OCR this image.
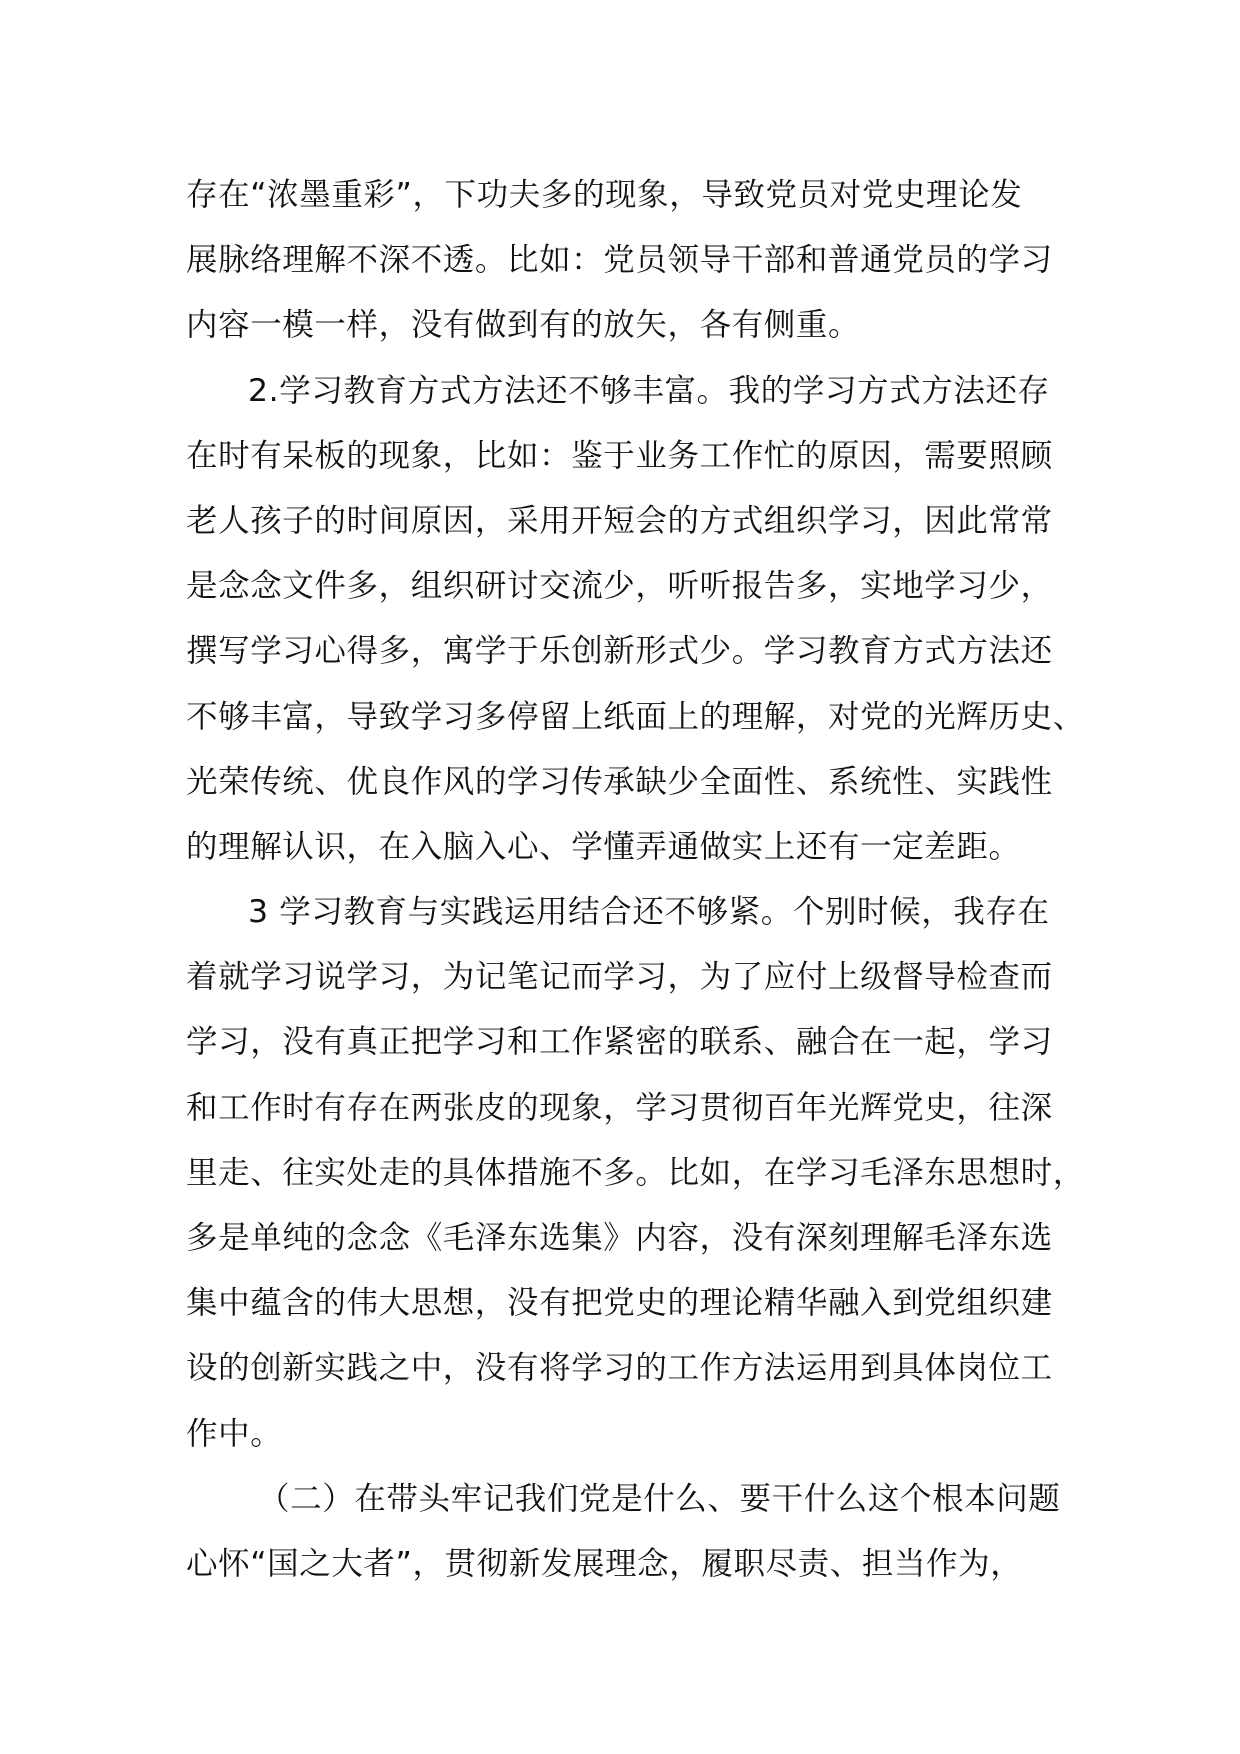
存在“浓墨重彩”，下功夫多的现象，导致党员对党史理论发
展脉络理解不深不透。比如：党员领导干部和普通党员的学习
内容一模一样，没有做到有的放矢，各有侧重。
2.学习教育方式方法还不够丰富。我的学习方式方法还存
在时有呆板的现象，比如：鉴于业务工作忙的原因，需要照顾
老人孩子的时间原因，采用开短会的方式组织学习，因此常常
是念念文件多，组织研讨交流少，听听报告多，实地学习少，
撰写学习心得多，寓学于乐创新形式少。学习教育方式方法还
不够丰富，导致学习多停留上纸面上的理解，对党的光辉历史、
光荣传统、优良作风的学习传承缺少全面性、系统性、实践性
的理解认识，在入脑入心、学懂弄通做实上还有一定差距。
3 学习教育与实践运用结合还不够紧。个别时候，我存在
着就学习说学习，为记笔记而学习，为了应付上级督导检查而
学习，没有真正把学习和工作紧密的联系、融合在一起，学习
和工作时有存在两张皮的现象，学习贯彻百年光辉党史，往深
里走、往实处走的具体措施不多。比如，在学习毛泽东思想时，
多是单纯的念念《毛泽东选集》内容，没有深刻理解毛泽东选
集中蕴含的伟大思想，没有把党史的理论精华融入到党组织建
设的创新实践之中，没有将学习的工作方法运用到具体岗位工
作中。
（二）在带头牢记我们党是什么、要干什么这个根本问题
心怀“国之大者”，贯彻新发展理念，履职尽责、担当作为，
